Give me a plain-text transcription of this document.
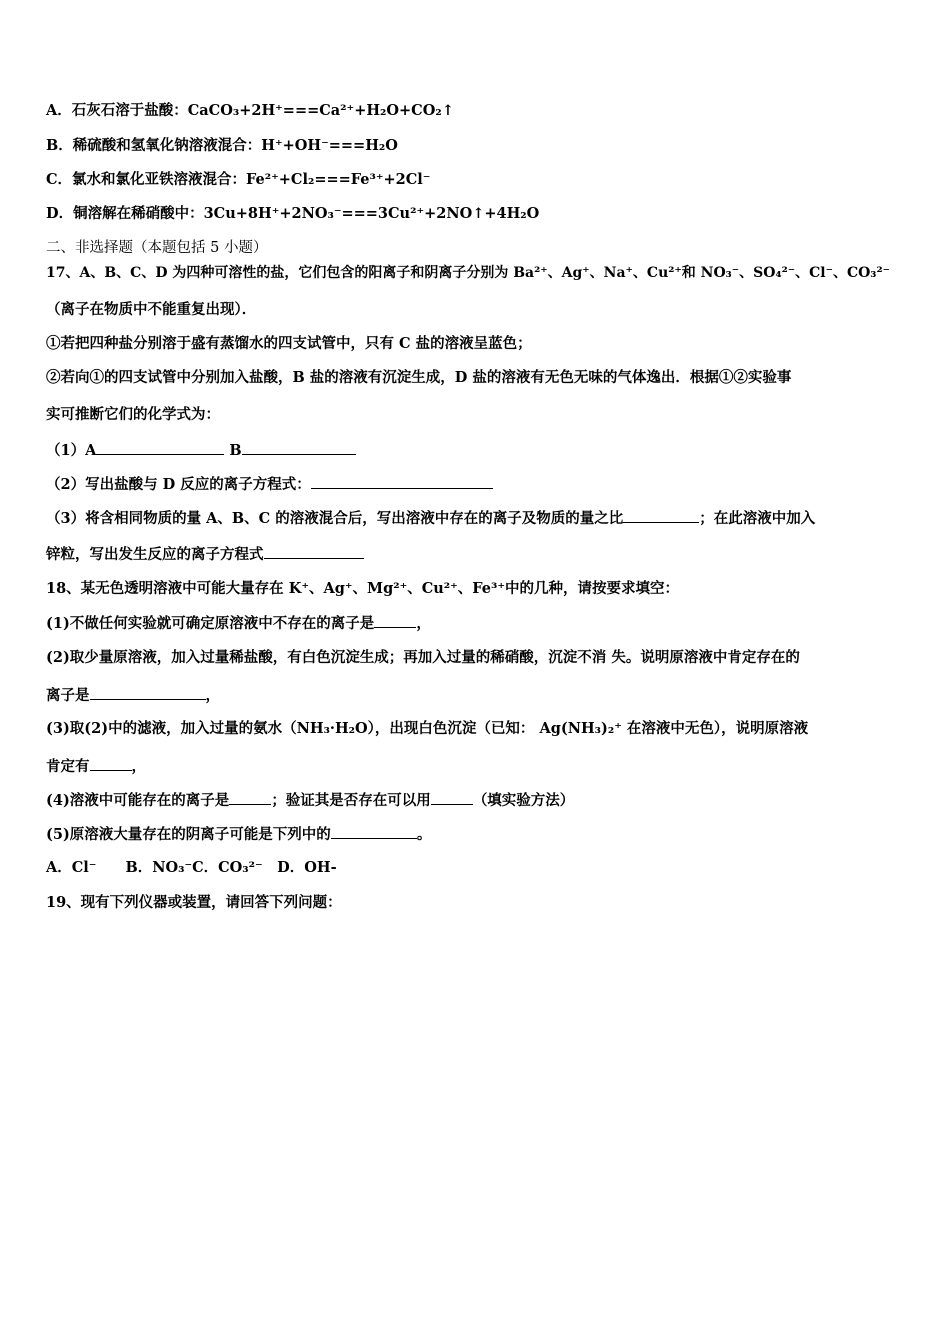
A．石灰石溶于盐酸：CaCO₃+2H⁺===Ca²⁺+H₂O+CO₂↑
B．稀硫酸和氢氧化钠溶液混合：H⁺+OH⁻===H₂O
C．氯水和氯化亚铁溶液混合：Fe²⁺+Cl₂===Fe³⁺+2Cl⁻
D．铜溶解在稀硝酸中：3Cu+8H⁺+2NO₃⁻===3Cu²⁺+2NO↑+4H₂O
二、非选择题（本题包括 5 小题）
17、A、B、C、D 为四种可溶性的盐，它们包含的阳离子和阴离子分别为 Ba²⁺、Ag⁺、Na⁺、Cu²⁺和 NO₃⁻、SO₄²⁻、Cl⁻、CO₃²⁻
（离子在物质中不能重复出现）．
①若把四种盐分别溶于盛有蒸馏水的四支试管中，只有 C 盐的溶液呈蓝色；
②若向①的四支试管中分别加入盐酸，B 盐的溶液有沉淀生成，D 盐的溶液有无色无味的气体逸出．根据①②实验事
实可推断它们的化学式为：
（1）A	B
（2）写出盐酸与 D 反应的离子方程式：
（3）将含相同物质的量 A、B、C 的溶液混合后，写出溶液中存在的离子及物质的量之比	；在此溶液中加入
锌粒，写出发生反应的离子方程式
18、某无色透明溶液中可能大量存在 K⁺、Ag⁺、Mg²⁺、Cu²⁺、Fe³⁺中的几种，请按要求填空：
(1)不做任何实验就可确定原溶液中不存在的离子是	，
(2)取少量原溶液，加入过量稀盐酸，有白色沉淀生成；再加入过量的稀硝酸，沉淀不消 失。说明原溶液中肯定存在的
离子是	，
(3)取(2)中的滤液，加入过量的氨水（NH₃·H₂O），出现白色沉淀（已知： Ag(NH₃)₂⁺ 在溶液中无色），说明原溶液
肯定有	，
(4)溶液中可能存在的离子是	；验证其是否存在可以用	（填实验方法）
(5)原溶液大量存在的阴离子可能是下列中的	。
A．Cl⁻　　B．NO₃⁻C．CO₃²⁻　D．OH-
19、现有下列仪器或装置，请回答下列问题：
